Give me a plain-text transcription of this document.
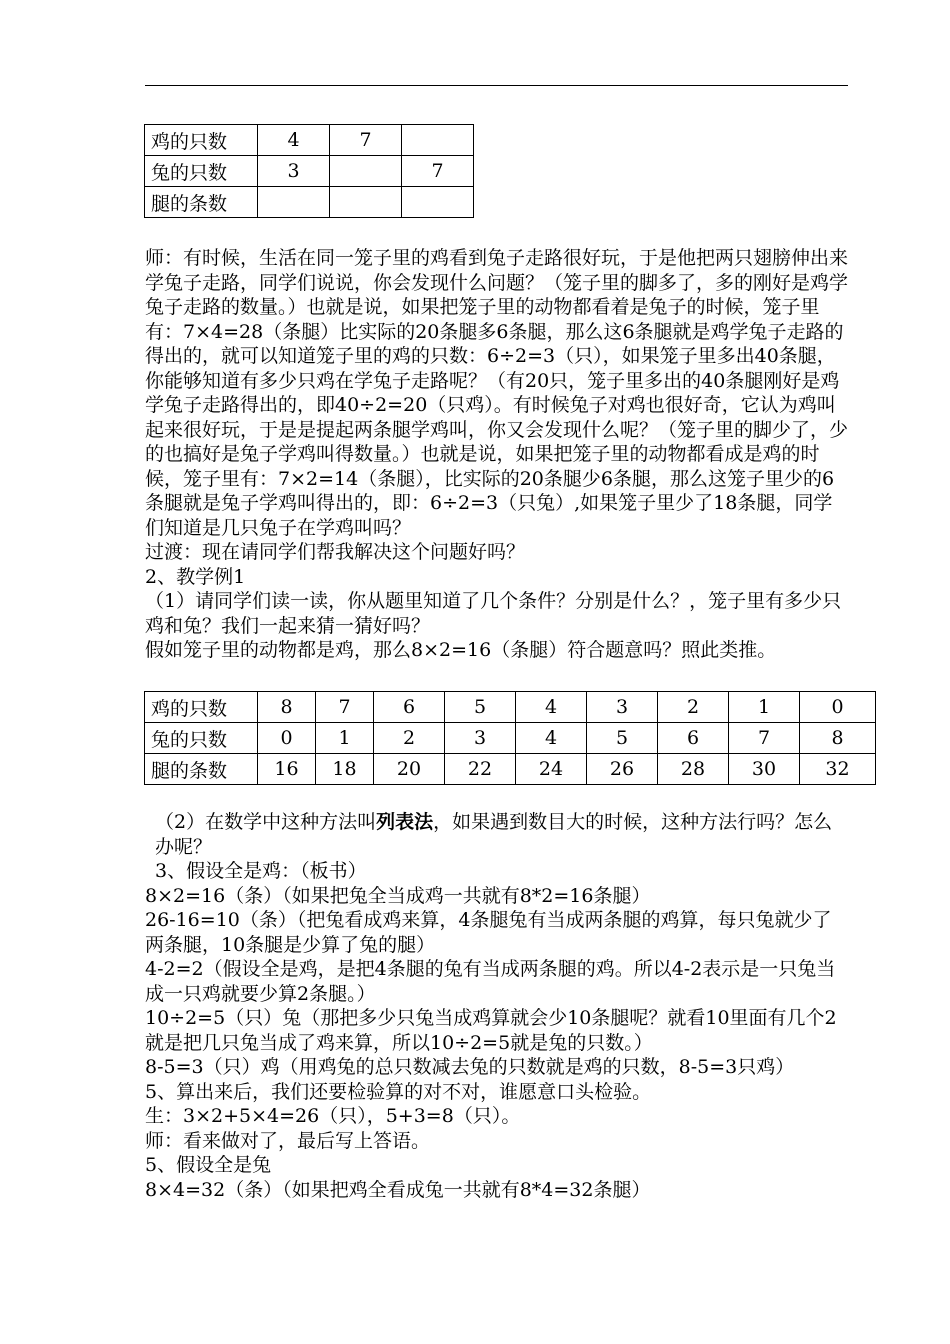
鸡的只数	4	7	
兔的只数	3		7
腿的条数			

师：有时候，生活在同一笼子里的鸡看到兔子走路很好玩，于是他把两只翅膀伸出来学兔子走路，同学们说说，你会发现什么问题？（笼子里的脚多了，多的刚好是鸡学兔子走路的数量。）也就是说，如果把笼子里的动物都看着是兔子的时候，笼子里有：7×4=28（条腿）比实际的20条腿多6条腿，那么这6条腿就是鸡学兔子走路的得出的，就可以知道笼子里的鸡的只数：6÷2=3（只），如果笼子里多出40条腿，你能够知道有多少只鸡在学兔子走路呢？（有20只，笼子里多出的40条腿刚好是鸡学兔子走路得出的，即40÷2=20（只鸡）。有时候兔子对鸡也很好奇，它认为鸡叫起来很好玩，于是是提起两条腿学鸡叫，你又会发现什么呢？（笼子里的脚少了，少的也搞好是兔子学鸡叫得数量。）也就是说，如果把笼子里的动物都看成是鸡的时候，笼子里有：7×2=14（条腿），比实际的20条腿少6条腿，那么这笼子里少的6条腿就是兔子学鸡叫得出的，即：6÷2=3（只兔）,如果笼子里少了18条腿，同学们知道是几只兔子在学鸡叫吗？

过渡：现在请同学们帮我解决这个问题好吗？

2、教学例1

（1）请同学们读一读，你从题里知道了几个条件？分别是什么？，笼子里有多少只鸡和兔？我们一起来猜一猜好吗？

假如笼子里的动物都是鸡，那么8×2=16（条腿）符合题意吗？照此类推。

鸡的只数	8	7	6	5	4	3	2	1	0
兔的只数	0	1	2	3	4	5	6	7	8
腿的条数	16	18	20	22	24	26	28	30	32

（2）在数学中这种方法叫列表法，如果遇到数目大的时候，这种方法行吗？怎么办呢？

3、假设全是鸡：（板书）

8×2=16（条）（如果把兔全当成鸡一共就有8*2=16条腿）

26-16=10（条）（把兔看成鸡来算，4条腿兔有当成两条腿的鸡算，每只兔就少了两条腿，10条腿是少算了兔的腿）

4-2=2（假设全是鸡，是把4条腿的兔有当成两条腿的鸡。所以4-2表示是一只兔当成一只鸡就要少算2条腿。）

10÷2=5（只）兔（那把多少只兔当成鸡算就会少10条腿呢？就看10里面有几个2就是把几只兔当成了鸡来算，所以10÷2=5就是兔的只数。）

8-5=3（只）鸡（用鸡兔的总只数减去兔的只数就是鸡的只数，8-5=3只鸡）

5、算出来后，我们还要检验算的对不对，谁愿意口头检验。

生：3×2+5×4=26（只），5+3=8（只）。

师：看来做对了，最后写上答语。

5、假设全是兔

8×4=32（条）（如果把鸡全看成兔一共就有8*4=32条腿）
